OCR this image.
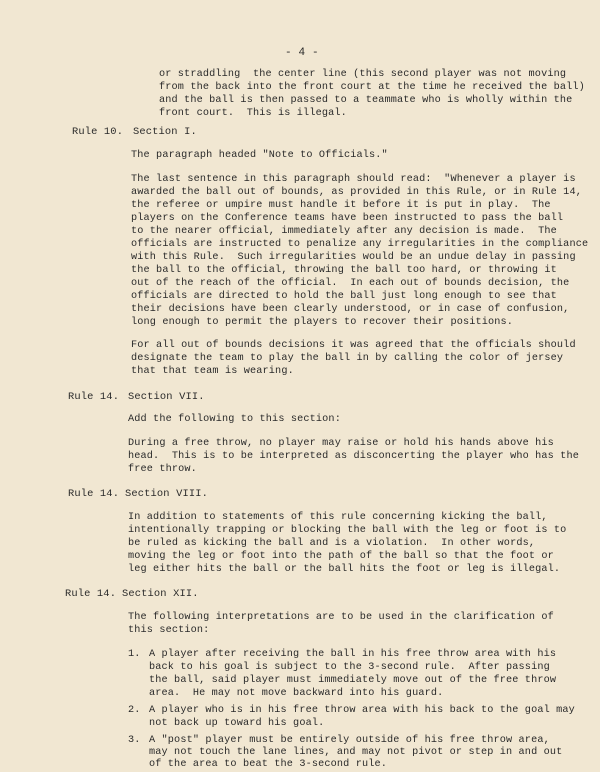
- 4 -
or straddling  the center line (this second player was not moving
from the back into the front court at the time he received the ball)
and the ball is then passed to a teammate who is wholly within the
front court.  This is illegal.
Rule 10. Section I.
The paragraph headed "Note to Officials."
The last sentence in this paragraph should read:  "Whenever a player is
awarded the ball out of bounds, as provided in this Rule, or in Rule 14,
the referee or umpire must handle it before it is put in play.  The
players on the Conference teams have been instructed to pass the ball
to the nearer official, immediately after any decision is made.  The
officials are instructed to penalize any irregularities in the compliance
with this Rule.  Such irregularities would be an undue delay in passing
the ball to the official, throwing the ball too hard, or throwing it
out of the reach of the official.  In each out of bounds decision, the
officials are directed to hold the ball just long enough to see that
their decisions have been clearly understood, or in case of confusion,
long enough to permit the players to recover their positions.
For all out of bounds decisions it was agreed that the officials should
designate the team to play the ball in by calling the color of jersey
that that team is wearing.
Rule 14. Section VII.
Add the following to this section:
During a free throw, no player may raise or hold his hands above his
head.  This is to be interpreted as disconcerting the player who has the
free throw.
Rule 14. Section VIII.
In addition to statements of this rule concerning kicking the ball,
intentionally trapping or blocking the ball with the leg or foot is to
be ruled as kicking the ball and is a violation.  In other words,
moving the leg or foot into the path of the ball so that the foot or
leg either hits the ball or the ball hits the foot or leg is illegal.
Rule 14. Section XII.
The following interpretations are to be used in the clarification of
this section:
1. A player after receiving the ball in his free throw area with his
back to his goal is subject to the 3-second rule.  After passing
the ball, said player must immediately move out of the free throw
area.  He may not move backward into his guard.
2. A player who is in his free throw area with his back to the goal may
not back up toward his goal.
3. A "post" player must be entirely outside of his free throw area,
may not touch the lane lines, and may not pivot or step in and out
of the area to beat the 3-second rule.
